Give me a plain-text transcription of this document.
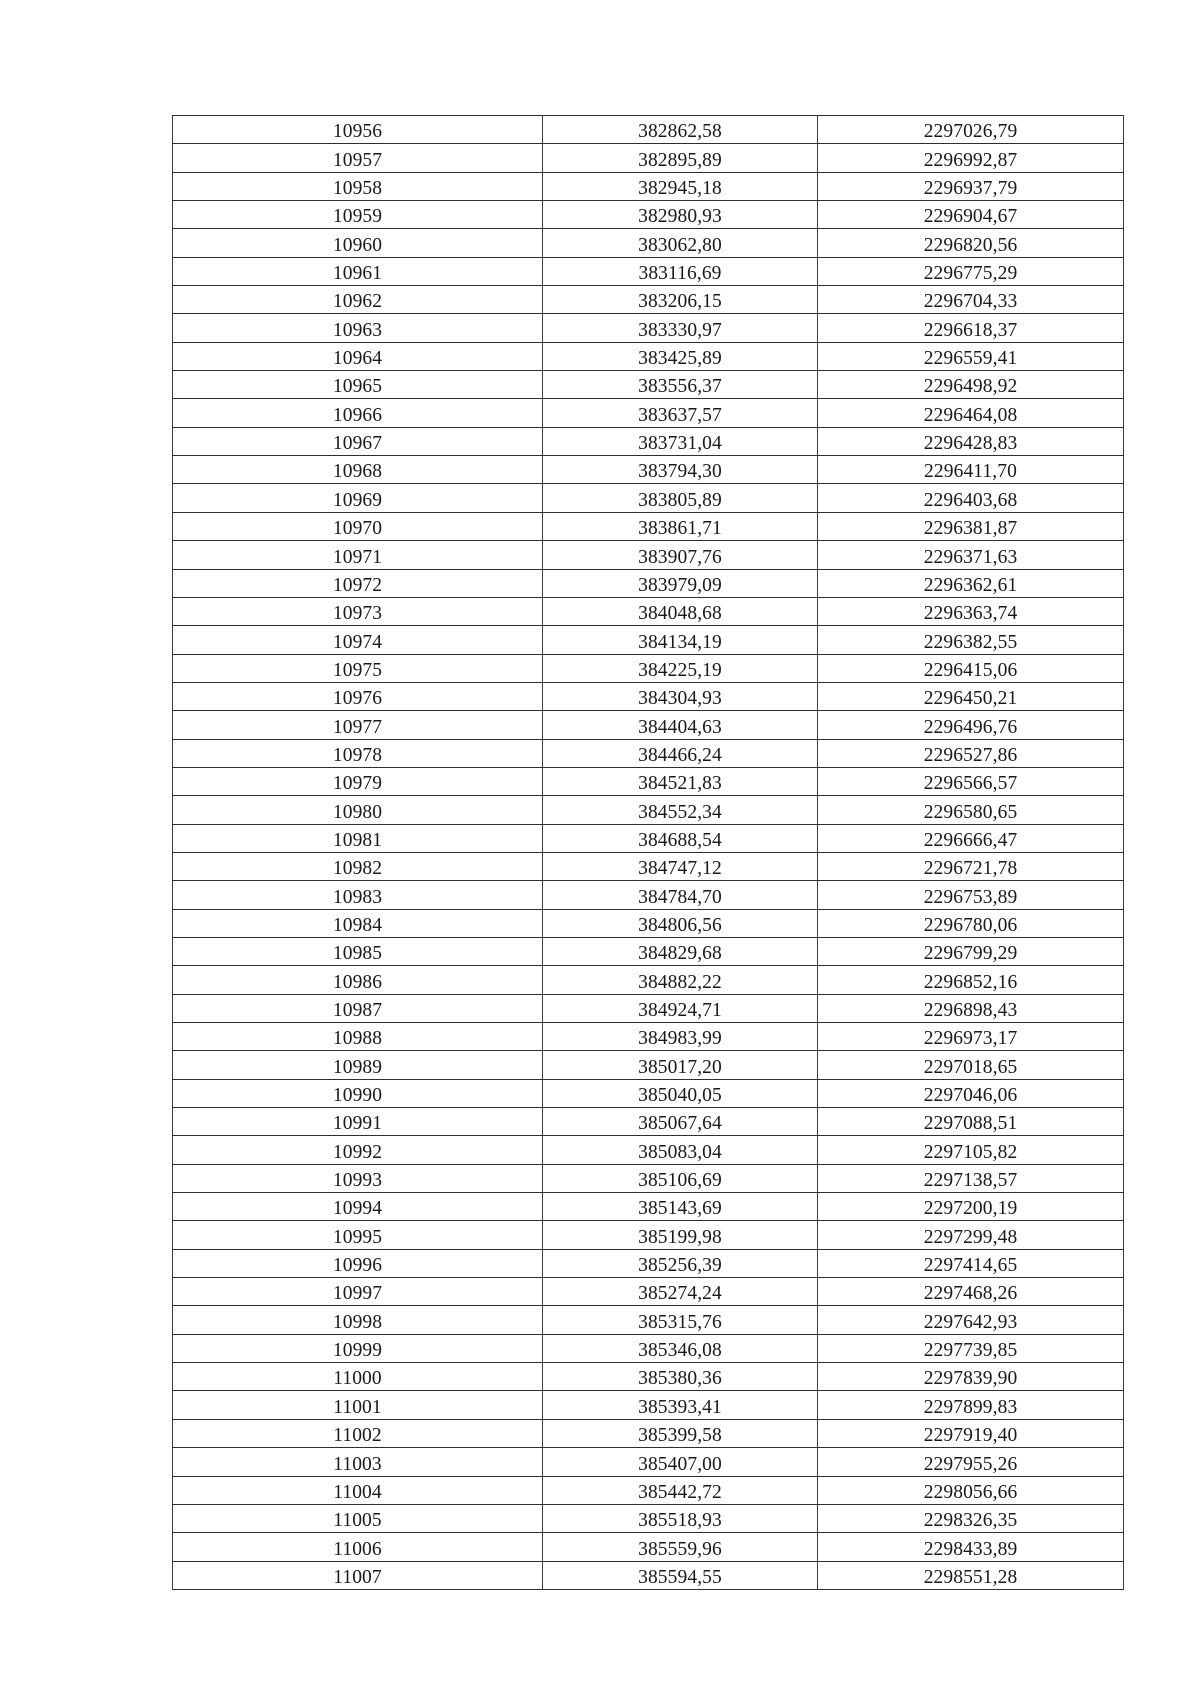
10956	382862,58	2297026,79
10957	382895,89	2296992,87
10958	382945,18	2296937,79
10959	382980,93	2296904,67
10960	383062,80	2296820,56
10961	383116,69	2296775,29
10962	383206,15	2296704,33
10963	383330,97	2296618,37
10964	383425,89	2296559,41
10965	383556,37	2296498,92
10966	383637,57	2296464,08
10967	383731,04	2296428,83
10968	383794,30	2296411,70
10969	383805,89	2296403,68
10970	383861,71	2296381,87
10971	383907,76	2296371,63
10972	383979,09	2296362,61
10973	384048,68	2296363,74
10974	384134,19	2296382,55
10975	384225,19	2296415,06
10976	384304,93	2296450,21
10977	384404,63	2296496,76
10978	384466,24	2296527,86
10979	384521,83	2296566,57
10980	384552,34	2296580,65
10981	384688,54	2296666,47
10982	384747,12	2296721,78
10983	384784,70	2296753,89
10984	384806,56	2296780,06
10985	384829,68	2296799,29
10986	384882,22	2296852,16
10987	384924,71	2296898,43
10988	384983,99	2296973,17
10989	385017,20	2297018,65
10990	385040,05	2297046,06
10991	385067,64	2297088,51
10992	385083,04	2297105,82
10993	385106,69	2297138,57
10994	385143,69	2297200,19
10995	385199,98	2297299,48
10996	385256,39	2297414,65
10997	385274,24	2297468,26
10998	385315,76	2297642,93
10999	385346,08	2297739,85
11000	385380,36	2297839,90
11001	385393,41	2297899,83
11002	385399,58	2297919,40
11003	385407,00	2297955,26
11004	385442,72	2298056,66
11005	385518,93	2298326,35
11006	385559,96	2298433,89
11007	385594,55	2298551,28
